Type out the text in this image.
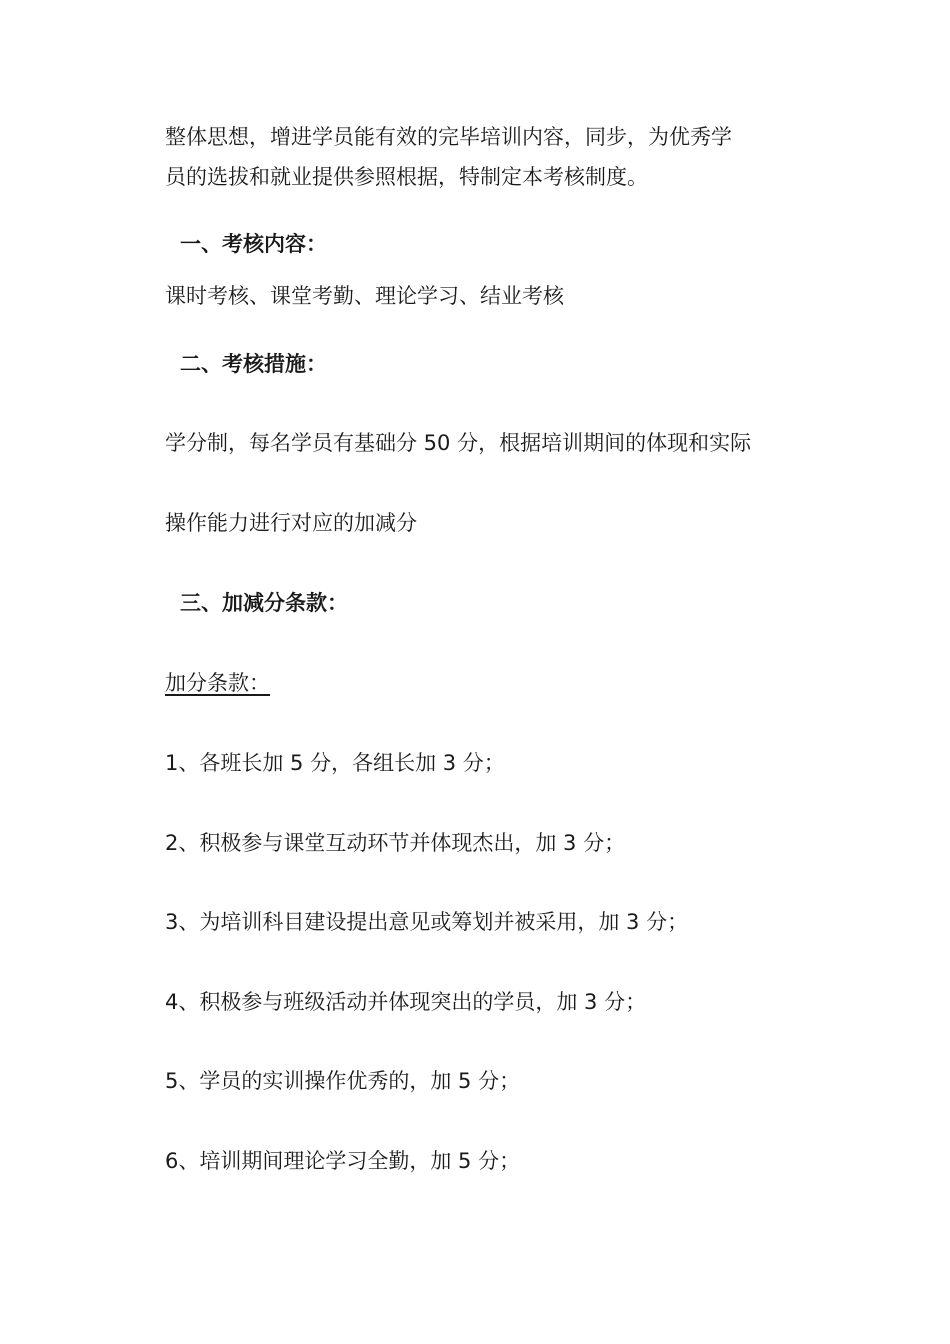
整体思想，增进学员能有效的完毕培训内容，同步，为优秀学
员的选拔和就业提供参照根据，特制定本考核制度。
一、考核内容：
课时考核、课堂考勤、理论学习、结业考核
二、考核措施：
学分制，每名学员有基础分 50 分，根据培训期间的体现和实际
操作能力进行对应的加减分
三、加减分条款：
加分条款：
1、各班长加 5 分，各组长加 3 分；
2、积极参与课堂互动环节并体现杰出，加 3 分；
3、为培训科目建设提出意见或筹划并被采用，加 3 分；
4、积极参与班级活动并体现突出的学员，加 3 分；
5、学员的实训操作优秀的，加 5 分；
6、培训期间理论学习全勤，加 5 分；
